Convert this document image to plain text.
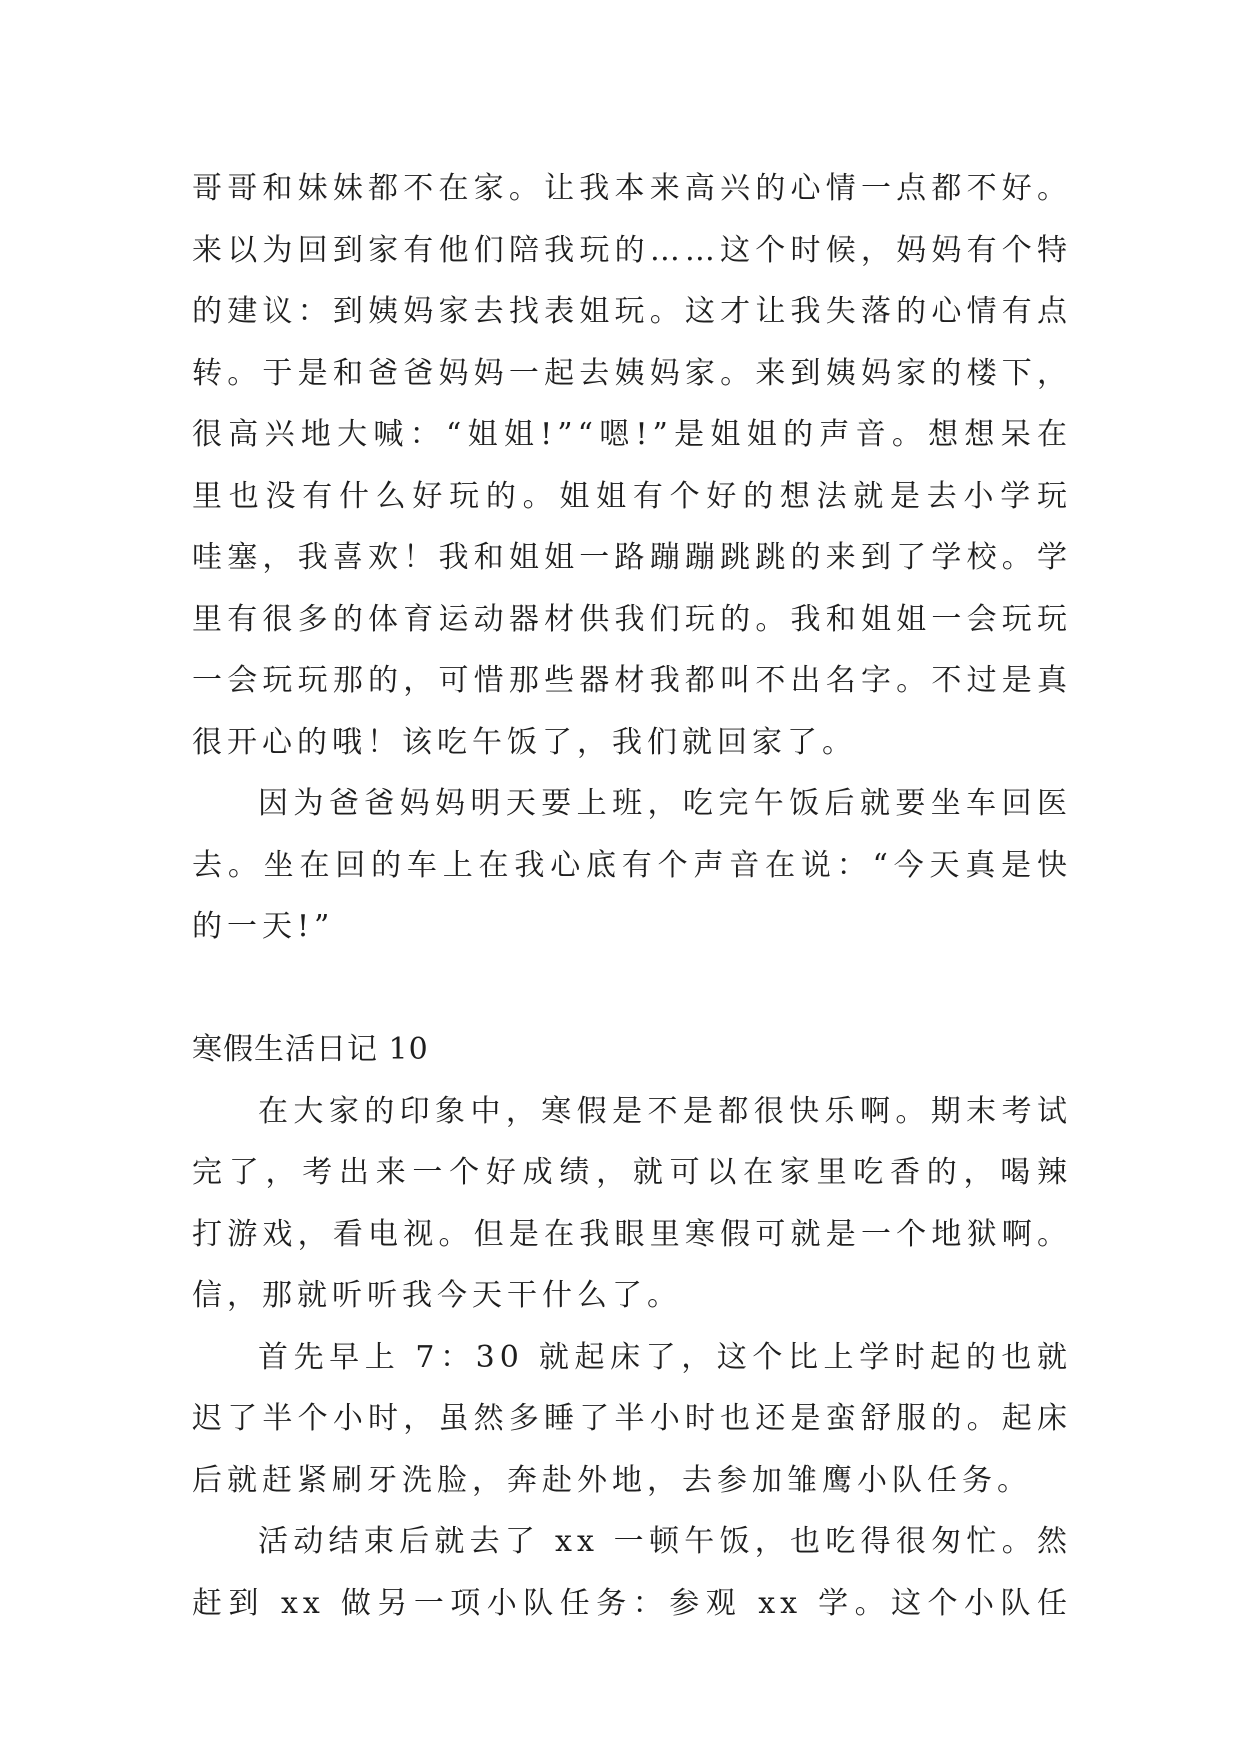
哥哥和妹妹都不在家。让我本来高兴的心情一点都不好。
来以为回到家有他们陪我玩的……这个时候，妈妈有个特
的建议：到姨妈家去找表姐玩。这才让我失落的心情有点
转。于是和爸爸妈妈一起去姨妈家。来到姨妈家的楼下，
很高兴地大喊：“姐姐!”“嗯!”是姐姐的声音。想想呆在
里也没有什么好玩的。姐姐有个好的想法就是去小学玩
哇塞，我喜欢！我和姐姐一路蹦蹦跳跳的来到了学校。学
里有很多的体育运动器材供我们玩的。我和姐姐一会玩玩
一会玩玩那的，可惜那些器材我都叫不出名字。不过是真
很开心的哦！该吃午饭了，我们就回家了。
因为爸爸妈妈明天要上班，吃完午饭后就要坐车回医
去。坐在回的车上在我心底有个声音在说：“今天真是快
的一天!”
寒假生活日记 10
在大家的印象中，寒假是不是都很快乐啊。期末考试
完了，考出来一个好成绩，就可以在家里吃香的，喝辣
打游戏，看电视。但是在我眼里寒假可就是一个地狱啊。
信，那就听听我今天干什么了。
首先早上 7：30 就起床了，这个比上学时起的也就
迟了半个小时，虽然多睡了半小时也还是蛮舒服的。起床
后就赶紧刷牙洗脸，奔赴外地，去参加雏鹰小队任务。
活动结束后就去了 xx 一顿午饭，也吃得很匆忙。然
赶到 xx 做另一项小队任务：参观 xx 学。这个小队任
